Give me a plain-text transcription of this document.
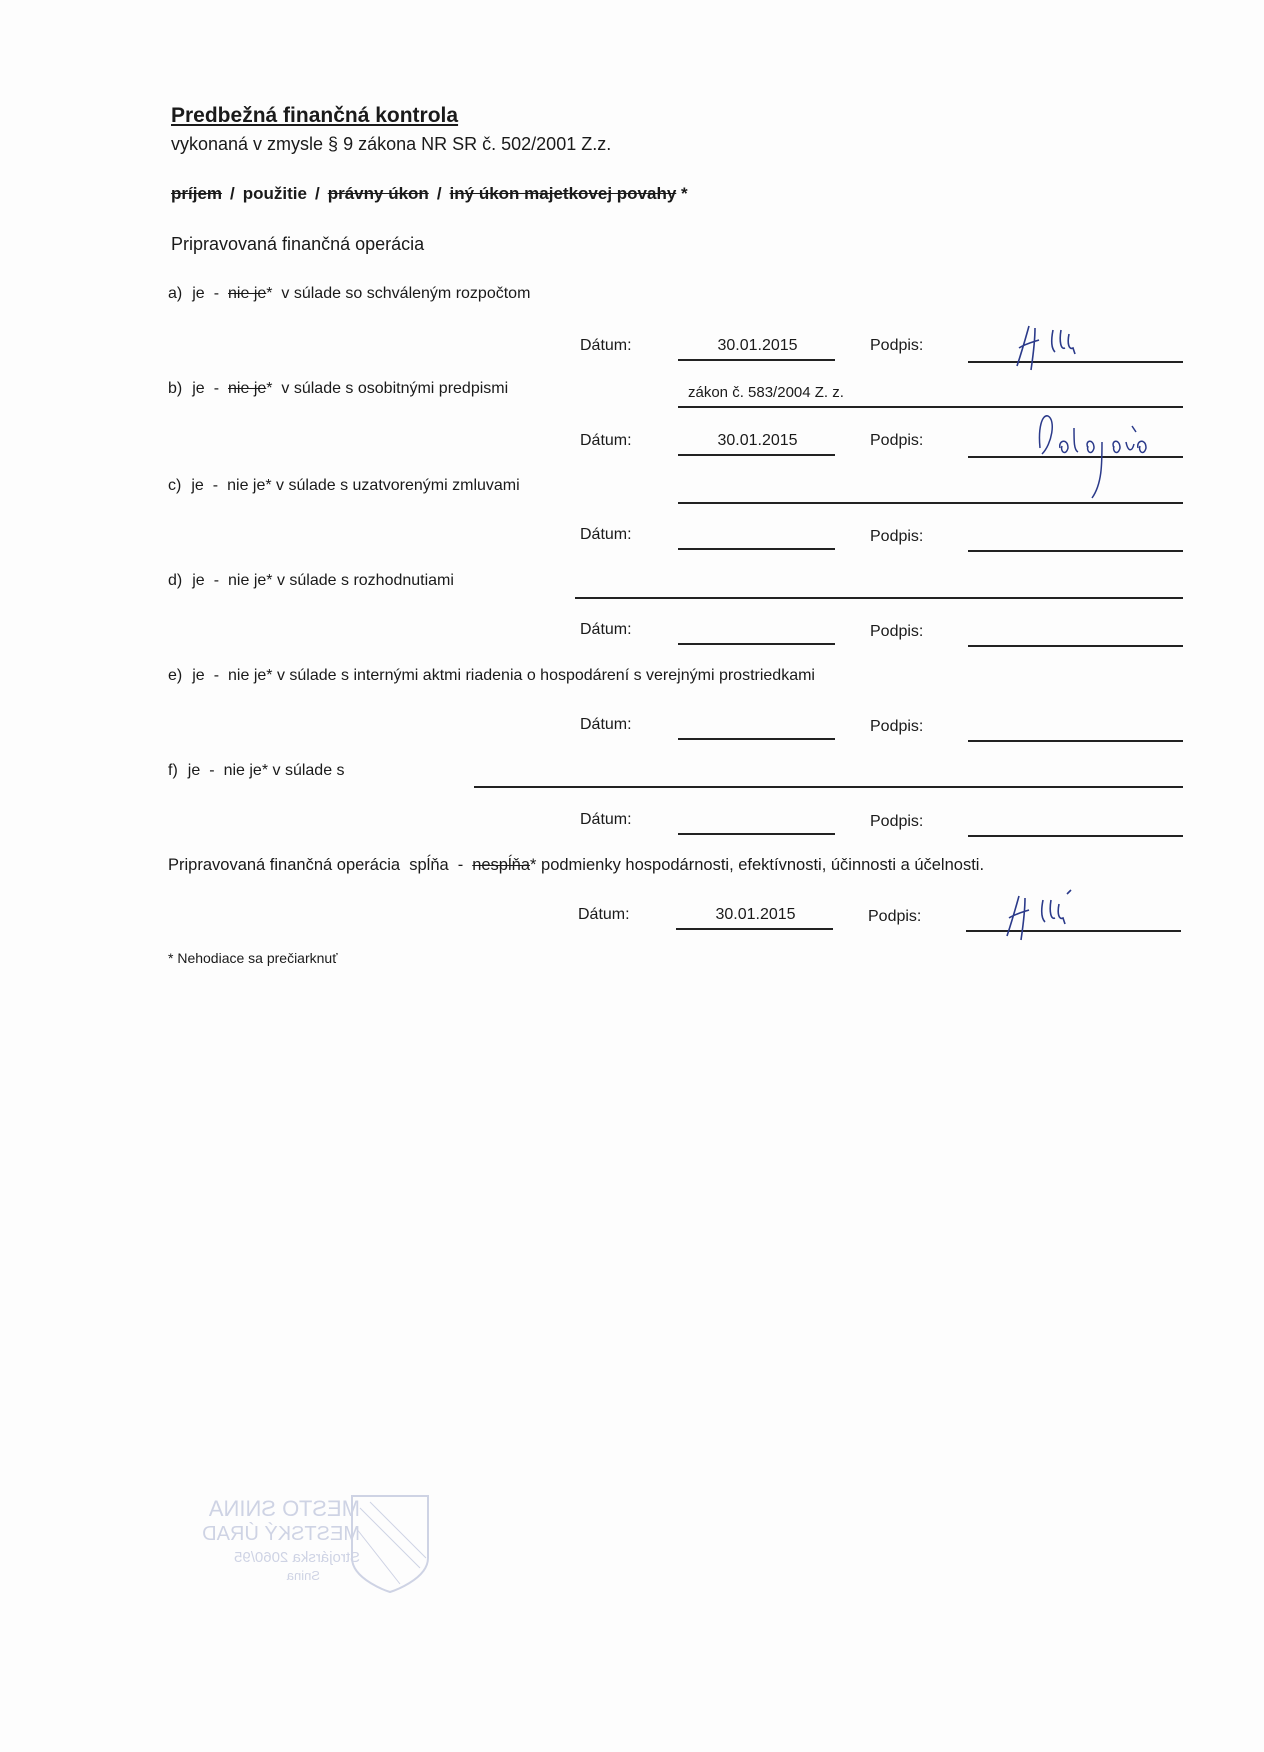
Predbežná finančná kontrola
vykonaná v zmysle § 9 zákona NR SR č. 502/2001 Z.z.
príjem / použitie / právny úkon / iný úkon majetkovej povahy *
Pripravovaná finančná operácia
a) je - nie je* v súlade so schváleným rozpočtom
Dátum:	30.01.2015	Podpis:
b) je - nie je* v súlade s osobitnými predpismi	zákon č. 583/2004 Z. z.
Dátum:	30.01.2015	Podpis:
c) je - nie je* v súlade s uzatvorenými zmluvami
Dátum:	Podpis:
d) je - nie je* v súlade s rozhodnutiami
Dátum:	Podpis:
e) je - nie je* v súlade s internými aktmi riadenia o hospodárení s verejnými prostriedkami
Dátum:	Podpis:
f) je - nie je* v súlade s
Dátum:	Podpis:
Pripravovaná finančná operácia spĺňa - nespĺňa* podmienky hospodárnosti, efektívnosti, účinnosti a účelnosti.
Dátum:	30.01.2015	Podpis:
* Nehodiace sa prečiarknuť
MESTO SNINA
MESTSKÝ ÚRAD
Strojárska 2060/95
Snina
